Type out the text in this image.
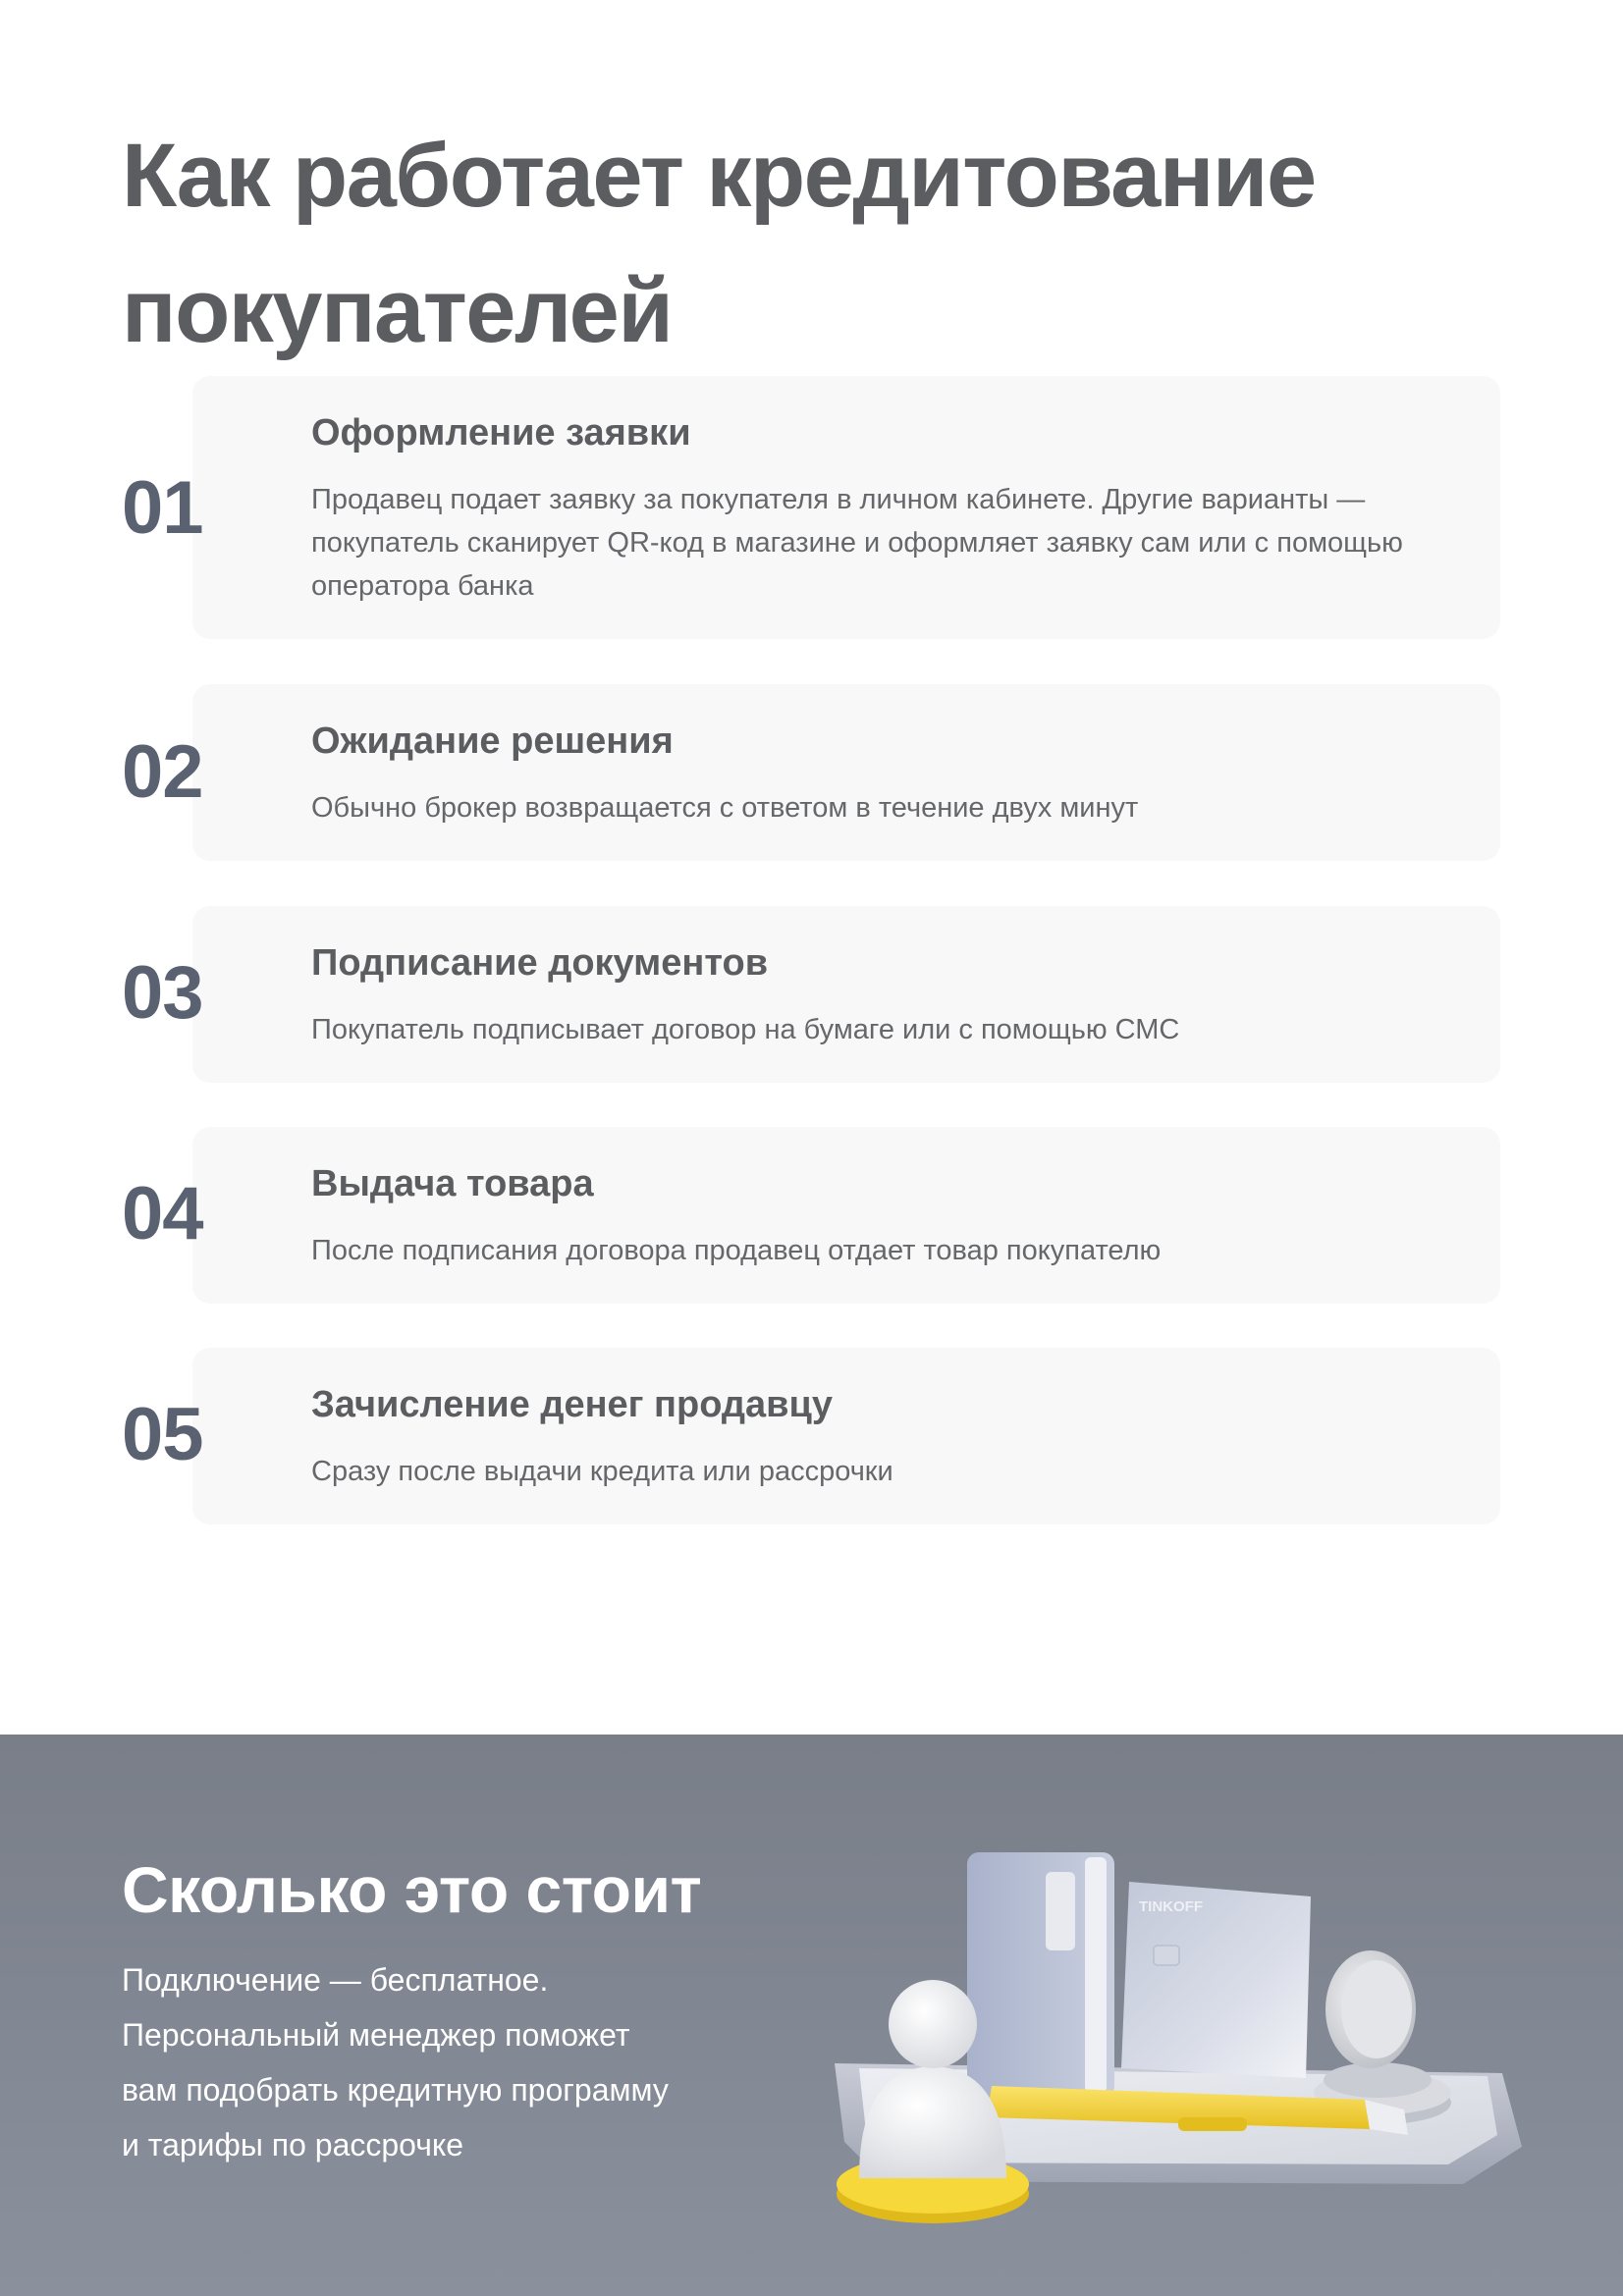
Как работает кредитование
покупателей
01
Оформление заявки
Продавец подает заявку за покупателя в личном кабинете. Другие варианты —
покупатель сканирует QR-код в магазине и оформляет заявку сам или с помощью
оператора банка
02	Ожидание решения
Обычно брокер возвращается с ответом в течение двух минут
03	Подписание документов
Покупатель подписывает договор на бумаге или с помощью СМС
04	Выдача товара
После подписания договора продавец отдает товар покупателю
05	Зачисление денег продавцу
Сразу после выдачи кредита или рассрочки
Сколько это стоит
Подключение — бесплатное.
Персональный менеджер поможет
вам подобрать кредитную программу
и тарифы по рассрочке
TINKOFF
